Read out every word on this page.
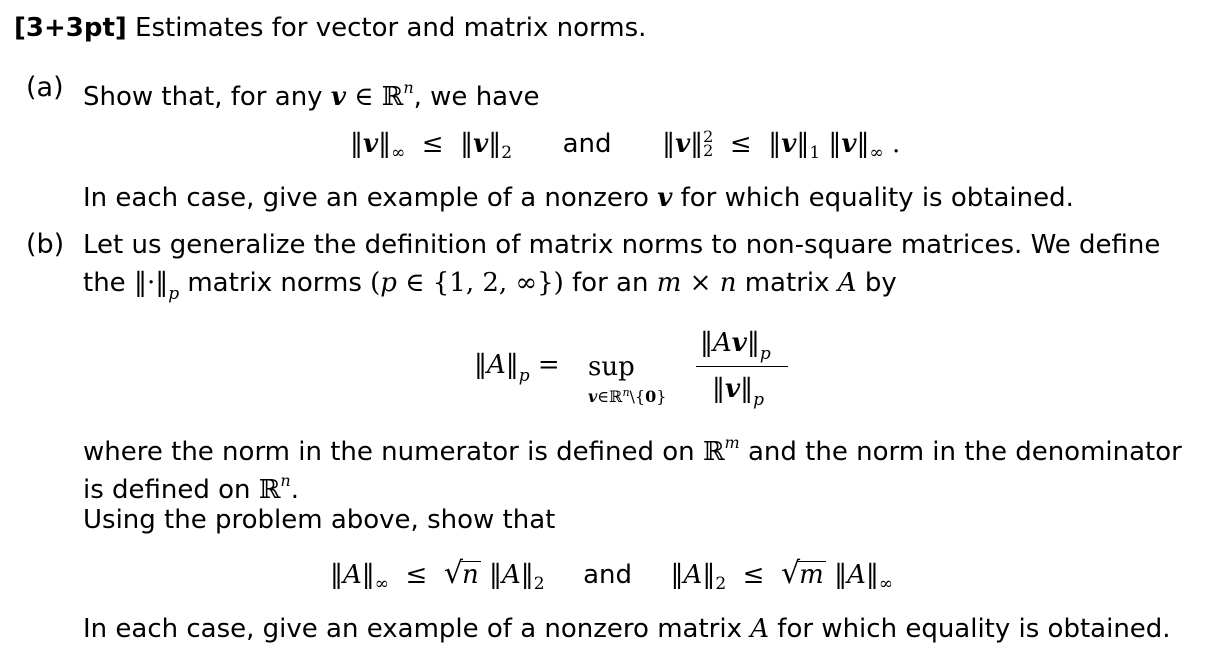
[3+3pt] Estimates for vector and matrix norms.
(a) Show that, for any v ∈ ℝ$^n$, we have
$‖v‖_\infty$  ≤  $‖v‖_2$ and ‖v‖ 2
$2 \le ‖v‖_1$ $‖v‖_\infty$ .
In each case, give an example of a nonzero v for which equality is obtained.
(b) Let us generalize the definition of matrix norms to non-square matrices. We define
the $‖\cdot‖_p$ matrix norms (p ∈ {1, 2, ∞}) for an m × n matrix A by
$‖A‖_p$ = sup
v∈ℝ$^n$\{0}
$‖Av‖_p$
$‖v‖_p$
where the norm in the numerator is defined on ℝ$^m$ and the norm in the denominator
is defined on ℝ$^n$.
Using the problem above, show that
$‖A‖_\infty \le √n$ $‖A‖_2$ and $‖A‖_2 \le √m$ $‖A‖_\infty$
In each case, give an example of a nonzero matrix A for which equality is obtained.
